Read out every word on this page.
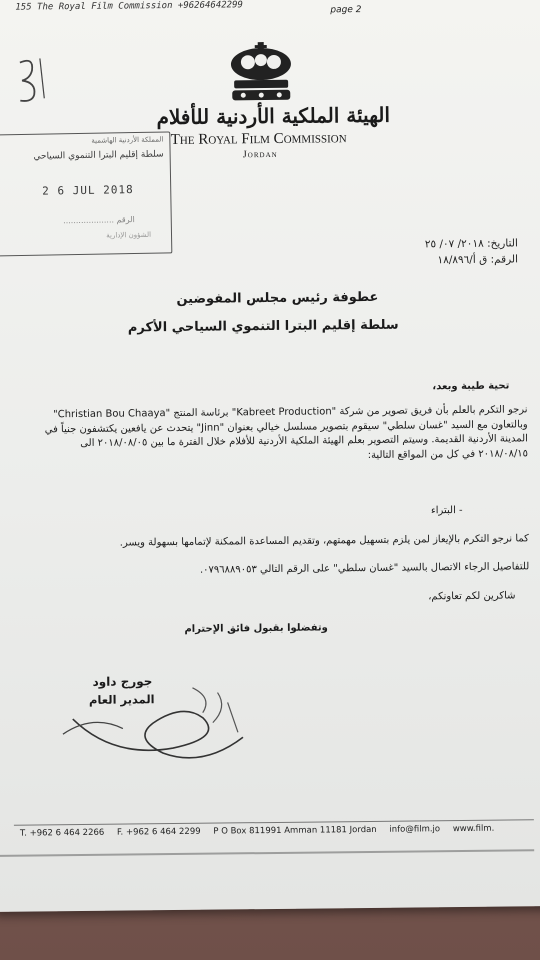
155 The Royal Film Commission +96264642299	page 2
الهيئة الملكية الأردنية للأفلام
The Royal Film Commission
Jordan
المملكة الأردنية الهاشمية
سلطة إقليم البترا التنموي السياحي
2 6 JUL 2018
الرقم ....................
الشؤون الإدارية
التاريخ: ٢٠١٨/ ٠٧/ ٢٥
الرقم: ق أ/١٨/٨٩٦
عطوفة رئيس مجلس المفوضين
سلطة إقليم البترا التنموي السياحي الأكرم
تحية طيبة وبعد،
نرجو التكرم بالعلم بأن فريق تصوير من شركة "Kabreet Production" برئاسة المنتج "Christian Bou Chaaya" وبالتعاون مع السيد "غسان سلطي" سيقوم بتصوير مسلسل خيالي بعنوان "Jinn" يتحدث عن يافعين يكتشفون جنياً في المدينة الأردنية القديمة. وسيتم التصوير بعلم الهيئة الملكية الأردنية للأفلام خلال الفترة ما بين ٢٠١٨/٠٨/٠٥ الى ٢٠١٨/٠٨/١٥ في كل من المواقع التالية:
- البتراء
كما نرجو التكرم بالإيعاز لمن يلزم بتسهيل مهمتهم، وتقديم المساعدة الممكنة لإتمامها بسهولة ويسر.
للتفاصيل الرجاء الاتصال بالسيد "غسان سلطي" على الرقم التالي ٠٧٩٦٨٨٩٠٥٣.
شاكرين لكم تعاونكم،
وتفضلوا بقبول فائق الإحترام
جورج داود
المدير العام
T. +962 6 464 2266 F. +962 6 464 2299 P O Box 811991 Amman 11181 Jordan info@film.jo www.film.
